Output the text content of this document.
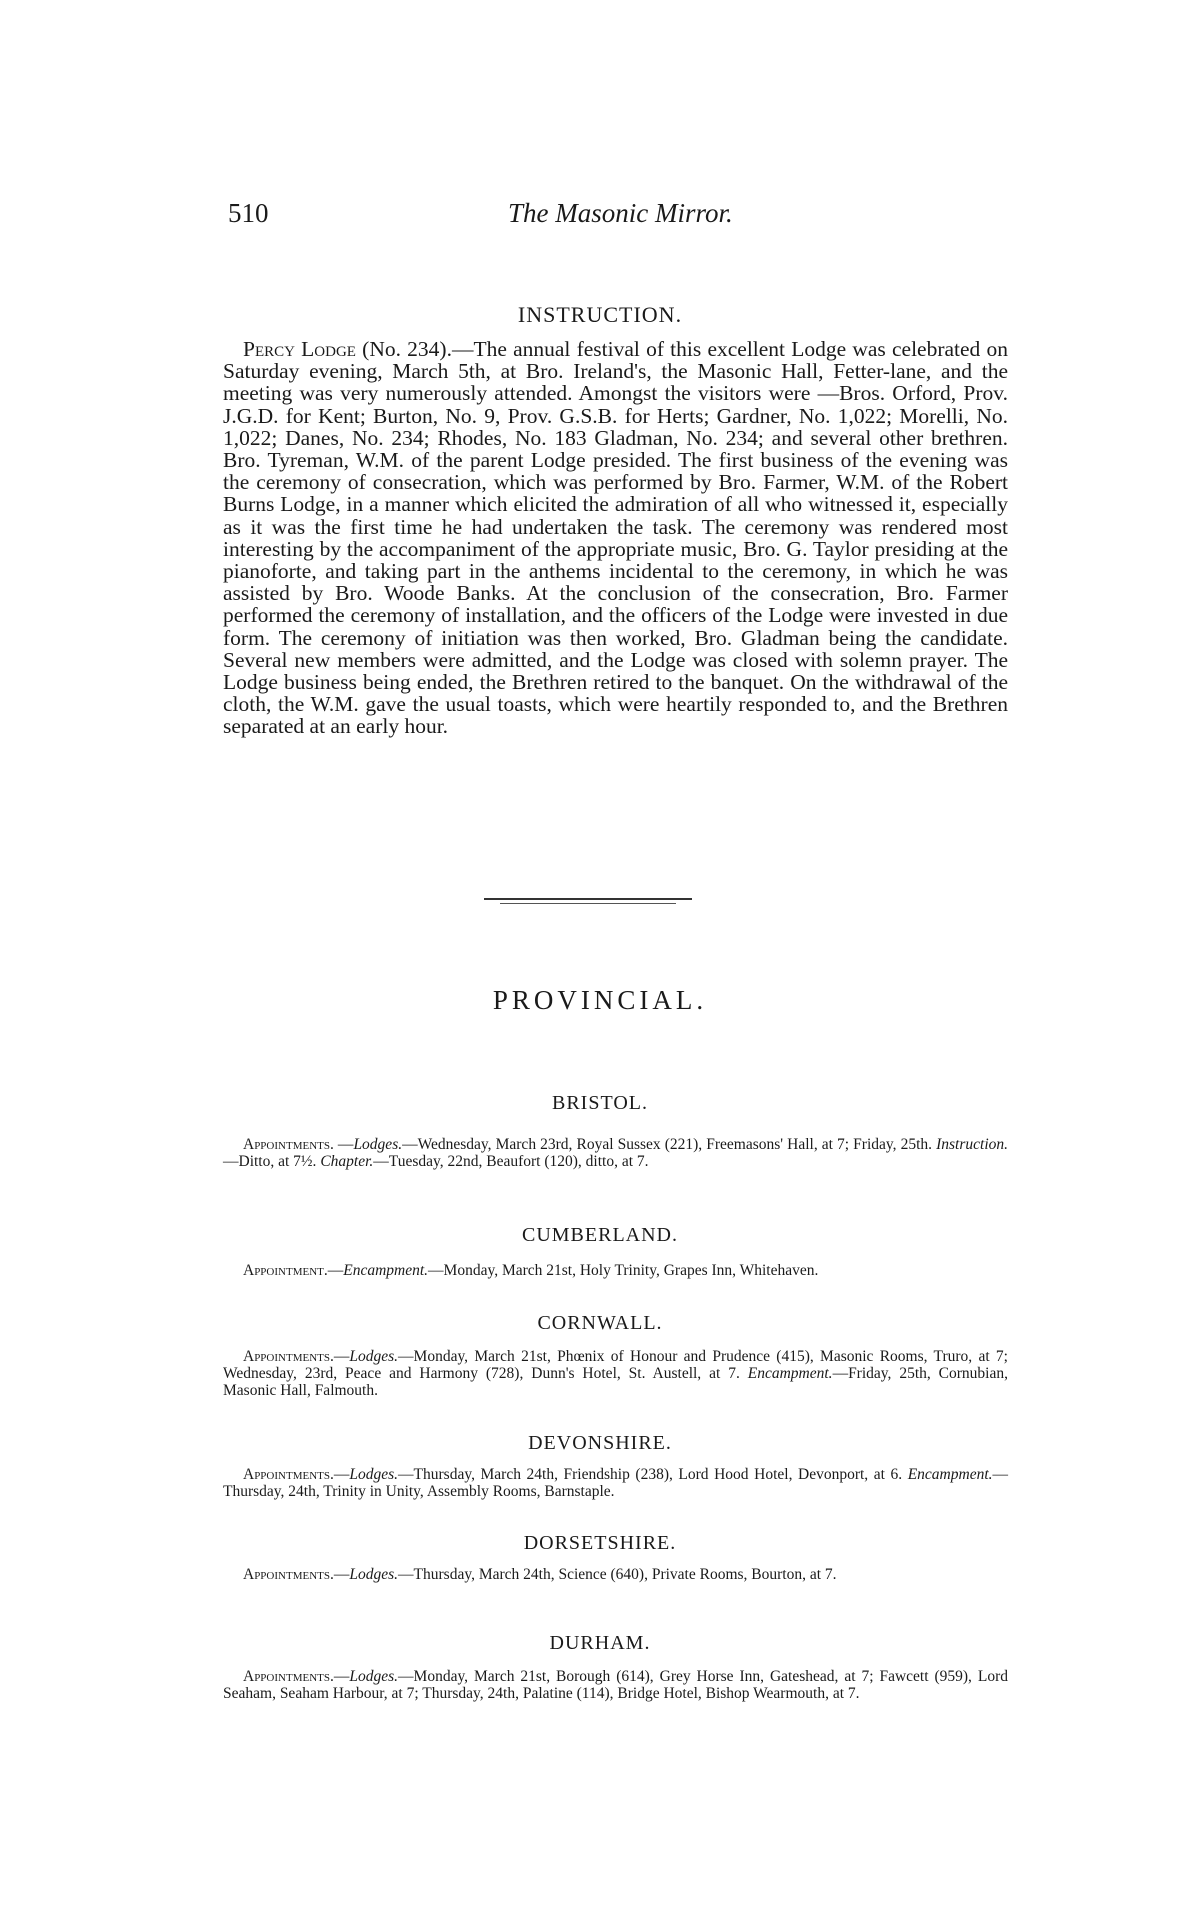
510	The Masonic Mirror.
INSTRUCTION.

Percy Lodge (No. 234).—The annual festival of this excellent Lodge was celebrated on Saturday evening, March 5th, at Bro. Ireland's, the Masonic Hall, Fetter-lane, and the meeting was very numerously attended. Amongst the visitors were —Bros. Orford, Prov. J.G.D. for Kent; Burton, No. 9, Prov. G.S.B. for Herts; Gardner, No. 1,022; Morelli, No. 1,022; Danes, No. 234; Rhodes, No. 183 Gladman, No. 234; and several other brethren. Bro. Tyreman, W.M. of the parent Lodge presided. The first business of the evening was the ceremony of consecration, which was performed by Bro. Farmer, W.M. of the Robert Burns Lodge, in a manner which elicited the admiration of all who witnessed it, especially as it was the first time he had undertaken the task. The ceremony was rendered most interesting by the accompaniment of the appropriate music, Bro. G. Taylor presiding at the pianoforte, and taking part in the anthems incidental to the ceremony, in which he was assisted by Bro. Woode Banks. At the conclusion of the consecration, Bro. Farmer performed the ceremony of installation, and the officers of the Lodge were invested in due form. The ceremony of initiation was then worked, Bro. Gladman being the candidate. Several new members were admitted, and the Lodge was closed with solemn prayer. The Lodge business being ended, the Brethren retired to the banquet. On the withdrawal of the cloth, the W.M. gave the usual toasts, which were heartily responded to, and the Brethren separated at an early hour.

PROVINCIAL.
BRISTOL.

Appointments. —Lodges.—Wednesday, March 23rd, Royal Sussex (221), Freemasons' Hall, at 7; Friday, 25th. Instruction.—Ditto, at 7½. Chapter.—Tuesday, 22nd, Beaufort (120), ditto, at 7.

CUMBERLAND.

Appointment.—Encampment.—Monday, March 21st, Holy Trinity, Grapes Inn, Whitehaven.

CORNWALL.

Appointments.—Lodges.—Monday, March 21st, Phœnix of Honour and Prudence (415), Masonic Rooms, Truro, at 7; Wednesday, 23rd, Peace and Harmony (728), Dunn's Hotel, St. Austell, at 7. Encampment.—Friday, 25th, Cornubian, Masonic Hall, Falmouth.

DEVONSHIRE.

Appointments.—Lodges.—Thursday, March 24th, Friendship (238), Lord Hood Hotel, Devonport, at 6. Encampment.—Thursday, 24th, Trinity in Unity, Assembly Rooms, Barnstaple.

DORSETSHIRE.

Appointments.—Lodges.—Thursday, March 24th, Science (640), Private Rooms, Bourton, at 7.

DURHAM.

Appointments.—Lodges.—Monday, March 21st, Borough (614), Grey Horse Inn, Gateshead, at 7; Fawcett (959), Lord Seaham, Seaham Harbour, at 7; Thursday, 24th, Palatine (114), Bridge Hotel, Bishop Wearmouth, at 7.
